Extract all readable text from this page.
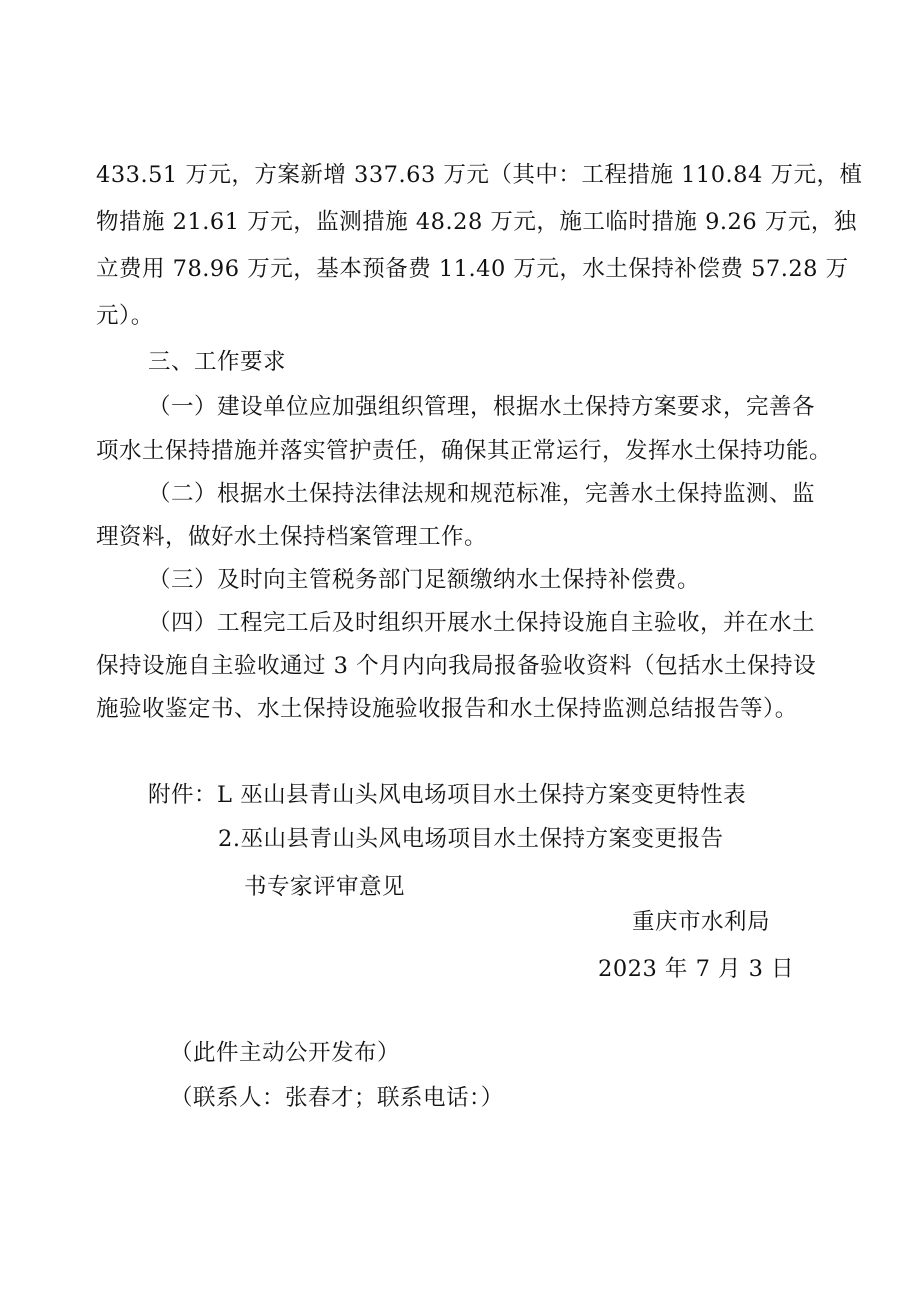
433.51 万元，方案新增 337.63 万元（其中：工程措施 110.84 万元，植
物措施 21.61 万元，监测措施 48.28 万元，施工临时措施 9.26 万元，独
立费用 78.96 万元，基本预备费 11.40 万元，水土保持补偿费 57.28 万
元）。
三、工作要求
（一）建设单位应加强组织管理，根据水土保持方案要求，完善各
项水土保持措施并落实管护责任，确保其正常运行，发挥水土保持功能。
（二）根据水土保持法律法规和规范标准，完善水土保持监测、监
理资料，做好水土保持档案管理工作。
（三）及时向主管税务部门足额缴纳水土保持补偿费。
（四）工程完工后及时组织开展水土保持设施自主验收，并在水土
保持设施自主验收通过 3 个月内向我局报备验收资料（包括水土保持设
施验收鉴定书、水土保持设施验收报告和水土保持监测总结报告等）。
附件：L 巫山县青山头风电场项目水土保持方案变更特性表
2.巫山县青山头风电场项目水土保持方案变更报告
书专家评审意见
重庆市水利局
2023 年 7 月 3 日
（此件主动公开发布）
（联系人：张春才；联系电话：）
